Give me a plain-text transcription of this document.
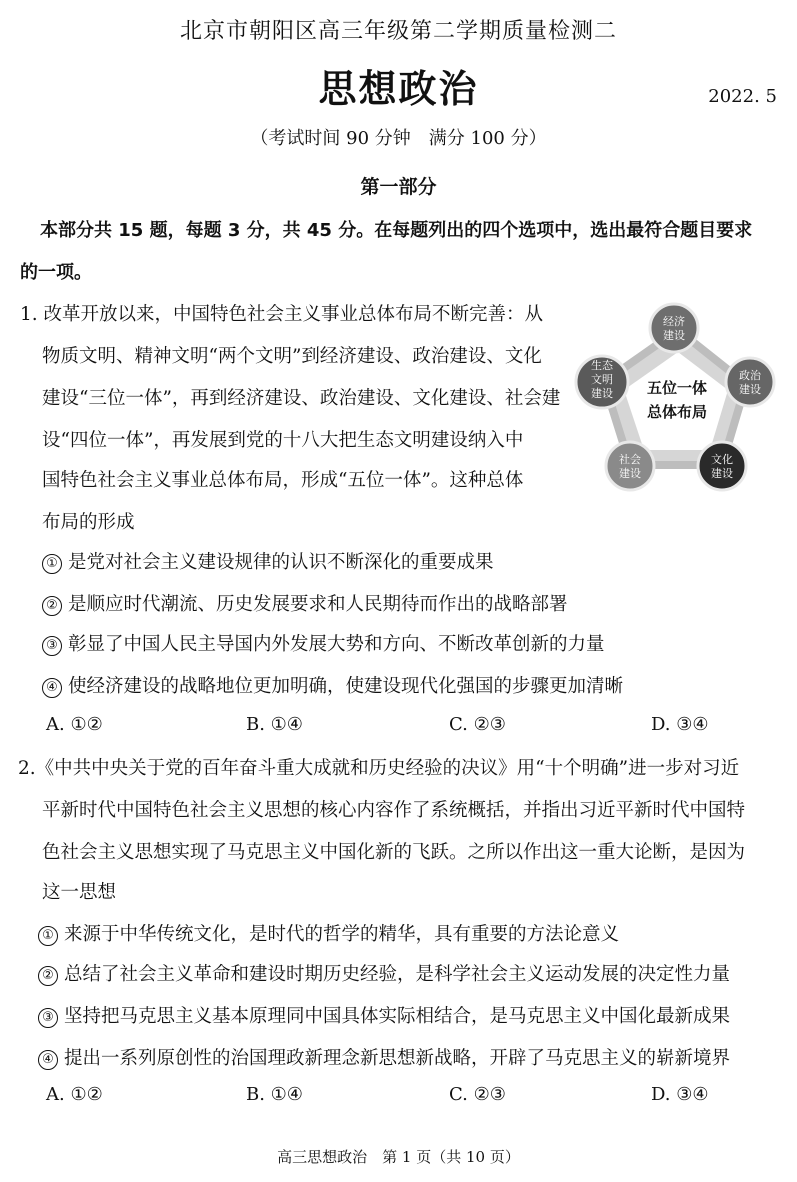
北京市朝阳区高三年级第二学期质量检测二
思想政治	2022. 5
（考试时间 90 分钟　满分 100 分）
第一部分
本部分共 15 题，每题 3 分，共 45 分。在每题列出的四个选项中，选出最符合题目要求
的一项。
1. 改革开放以来，中国特色社会主义事业总体布局不断完善：从
物质文明、精神文明“两个文明”到经济建设、政治建设、文化
建设“三位一体”，再到经济建设、政治建设、文化建设、社会建
设“四位一体”，再发展到党的十八大把生态文明建设纳入中
国特色社会主义事业总体布局，形成“五位一体”。这种总体
布局的形成
五位一体
总体布局
经济
建设
政治
建设
文化
建设
社会
建设
生态
文明
建设
① 是党对社会主义建设规律的认识不断深化的重要成果
② 是顺应时代潮流、历史发展要求和人民期待而作出的战略部署
③ 彰显了中国人民主导国内外发展大势和方向、不断改革创新的力量
④ 使经济建设的战略地位更加明确，使建设现代化强国的步骤更加清晰
A. ①②	B. ①④	C. ②③	D. ③④
2.《中共中央关于党的百年奋斗重大成就和历史经验的决议》用“十个明确”进一步对习近
平新时代中国特色社会主义思想的核心内容作了系统概括，并指出习近平新时代中国特
色社会主义思想实现了马克思主义中国化新的飞跃。之所以作出这一重大论断，是因为
这一思想
① 来源于中华传统文化，是时代的哲学的精华，具有重要的方法论意义
② 总结了社会主义革命和建设时期历史经验，是科学社会主义运动发展的决定性力量
③ 坚持把马克思主义基本原理同中国具体实际相结合，是马克思主义中国化最新成果
④ 提出一系列原创性的治国理政新理念新思想新战略，开辟了马克思主义的崭新境界
A. ①②	B. ①④	C. ②③	D. ③④
高三思想政治　第 1 页（共 10 页）
